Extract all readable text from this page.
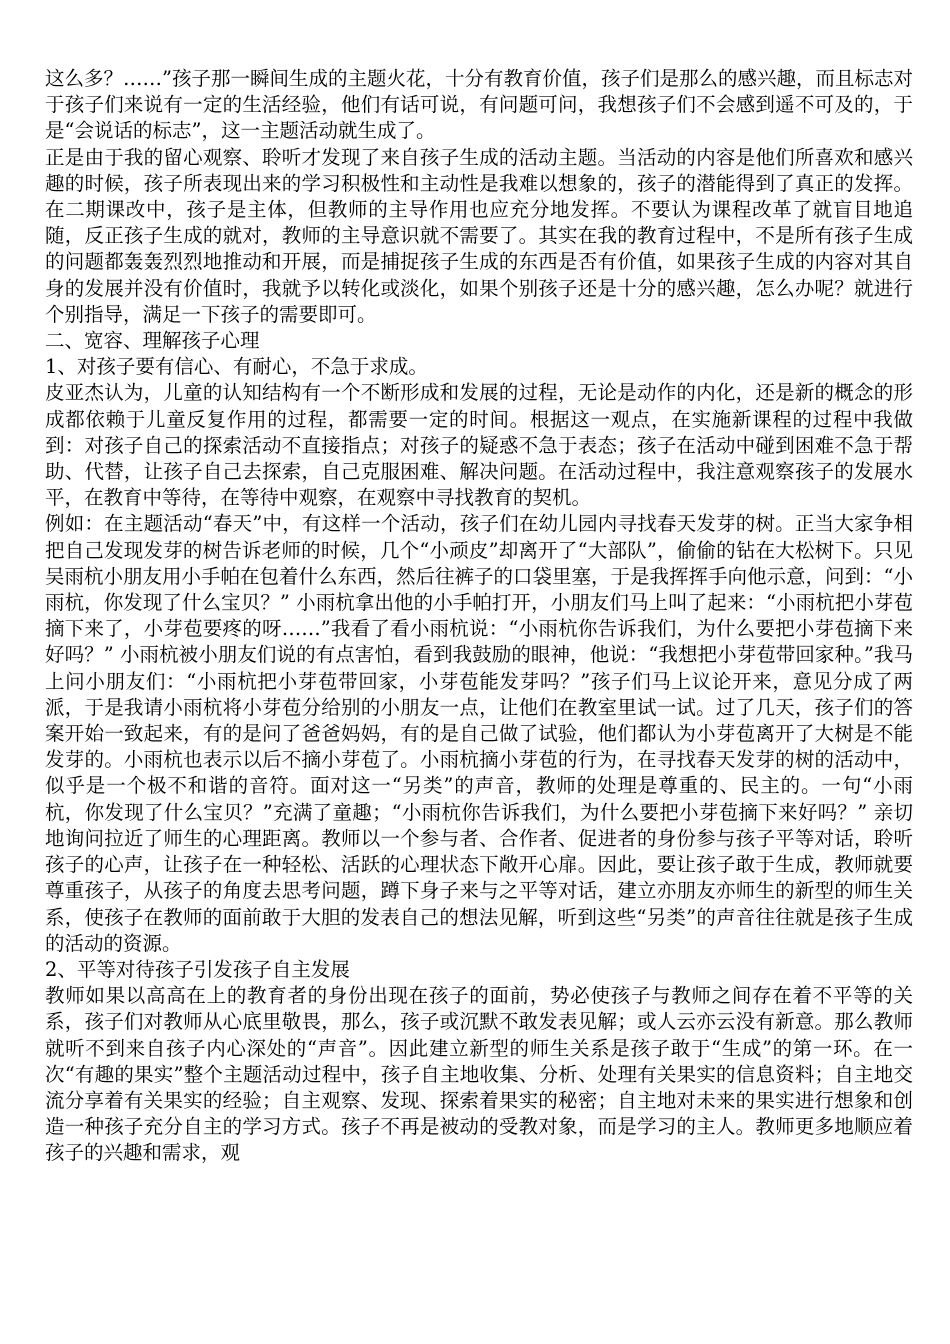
这么多？……”孩子那一瞬间生成的主题火花，十分有教育价值，孩子们是那么的感兴趣，而且标志对于孩子们来说有一定的生活经验，他们有话可说，有问题可问，我想孩子们不会感到遥不可及的，于是“会说话的标志”，这一主题活动就生成了。

正是由于我的留心观察、聆听才发现了来自孩子生成的活动主题。当活动的内容是他们所喜欢和感兴趣的时候，孩子所表现出来的学习积极性和主动性是我难以想象的，孩子的潜能得到了真正的发挥。在二期课改中，孩子是主体，但教师的主导作用也应充分地发挥。不要认为课程改革了就盲目地追随，反正孩子生成的就对，教师的主导意识就不需要了。其实在我的教育过程中，不是所有孩子生成的问题都轰轰烈烈地推动和开展，而是捕捉孩子生成的东西是否有价值，如果孩子生成的内容对其自身的发展并没有价值时，我就予以转化或淡化，如果个别孩子还是十分的感兴趣，怎么办呢？就进行个别指导，满足一下孩子的需要即可。

二、宽容、理解孩子心理

1、对孩子要有信心、有耐心，不急于求成。

皮亚杰认为，儿童的认知结构有一个不断形成和发展的过程，无论是动作的内化，还是新的概念的形成都依赖于儿童反复作用的过程，都需要一定的时间。根据这一观点，在实施新课程的过程中我做到：对孩子自己的探索活动不直接指点；对孩子的疑惑不急于表态；孩子在活动中碰到困难不急于帮助、代替，让孩子自己去探索，自己克服困难、解决问题。在活动过程中，我注意观察孩子的发展水平，在教育中等待，在等待中观察，在观察中寻找教育的契机。

例如：在主题活动“春天”中，有这样一个活动，孩子们在幼儿园内寻找春天发芽的树。正当大家争相把自己发现发芽的树告诉老师的时候，几个“小顽皮”却离开了“大部队”，偷偷的钻在大松树下。只见吴雨杭小朋友用小手帕在包着什么东西，然后往裤子的口袋里塞，于是我挥挥手向他示意，问到：“小雨杭，你发现了什么宝贝？” 小雨杭拿出他的小手帕打开，小朋友们马上叫了起来：“小雨杭把小芽苞摘下来了，小芽苞要疼的呀……”我看了看小雨杭说：“小雨杭你告诉我们，为什么要把小芽苞摘下来好吗？” 小雨杭被小朋友们说的有点害怕，看到我鼓励的眼神，他说：“我想把小芽苞带回家种。”我马上问小朋友们：“小雨杭把小芽苞带回家，小芽苞能发芽吗？”孩子们马上议论开来，意见分成了两派，于是我请小雨杭将小芽苞分给别的小朋友一点，让他们在教室里试一试。过了几天，孩子们的答案开始一致起来，有的是问了爸爸妈妈，有的是自己做了试验，他们都认为小芽苞离开了大树是不能发芽的。小雨杭也表示以后不摘小芽苞了。小雨杭摘小芽苞的行为，在寻找春天发芽的树的活动中，似乎是一个极不和谐的音符。面对这一“另类”的声音，教师的处理是尊重的、民主的。一句“小雨杭，你发现了什么宝贝？”充满了童趣；“小雨杭你告诉我们，为什么要把小芽苞摘下来好吗？” 亲切地询问拉近了师生的心理距离。教师以一个参与者、合作者、促进者的身份参与孩子平等对话，聆听孩子的心声，让孩子在一种轻松、活跃的心理状态下敞开心扉。因此，要让孩子敢于生成，教师就要尊重孩子，从孩子的角度去思考问题，蹲下身子来与之平等对话，建立亦朋友亦师生的新型的师生关系，使孩子在教师的面前敢于大胆的发表自己的想法见解，听到这些“另类”的声音往往就是孩子生成的活动的资源。

2、平等对待孩子引发孩子自主发展

教师如果以高高在上的教育者的身份出现在孩子的面前，势必使孩子与教师之间存在着不平等的关系，孩子们对教师从心底里敬畏，那么，孩子或沉默不敢发表见解；或人云亦云没有新意。那么教师就听不到来自孩子内心深处的“声音”。因此建立新型的师生关系是孩子敢于“生成”的第一环。在一次“有趣的果实”整个主题活动过程中，孩子自主地收集、分析、处理有关果实的信息资料；自主地交流分享着有关果实的经验；自主观察、发现、探索着果实的秘密；自主地对未来的果实进行想象和创造一种孩子充分自主的学习方式。孩子不再是被动的受教对象，而是学习的主人。教师更多地顺应着孩子的兴趣和需求，观
